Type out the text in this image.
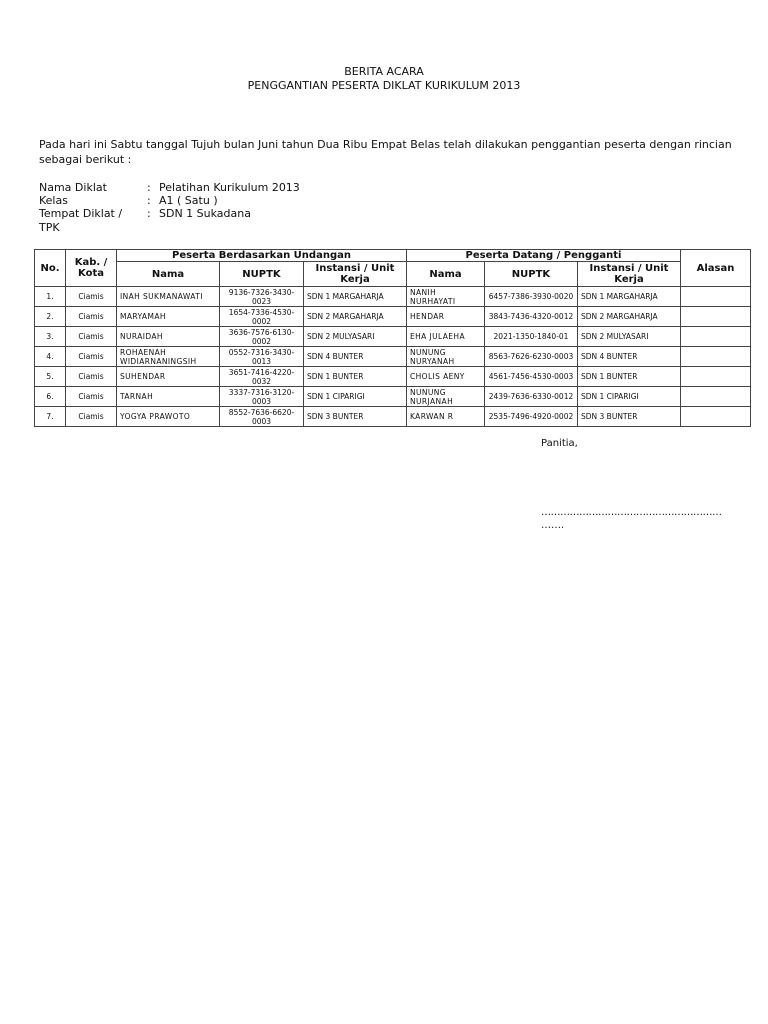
BERITA ACARA
PENGGANTIAN PESERTA DIKLAT KURIKULUM 2013
Pada hari ini Sabtu tanggal Tujuh bulan Juni tahun Dua Ribu Empat Belas telah dilakukan penggantian peserta dengan rincian sebagai berikut :
Nama Diklat	: Pelatihan Kurikulum 2013
Kelas	: A1 ( Satu )
Tempat Diklat / : SDN 1 Sukadana
TPK
No.	Kab. / Kota	Peserta Berdasarkan Undangan			Peserta Datang / Pengganti			Alasan
		Nama	NUPTK	Instansi / Unit Kerja	Nama	NUPTK	Instansi / Unit Kerja	
1.	Ciamis	INAH SUKMANAWATI	9136-7326-3430-0023	SDN 1 MARGAHARJA	NANIH NURHAYATI	6457-7386-3930-0020	SDN 1 MARGAHARJA	
2.	Ciamis	MARYAMAH	1654-7336-4530-0002	SDN 2 MARGAHARJA	HENDAR	3843-7436-4320-0012	SDN 2 MARGAHARJA	
3.	Ciamis	NURAIDAH	3636-7576-6130-0002	SDN 2 MULYASARI	EHA JULAEHA	2021-1350-1840-01	SDN 2 MULYASARI	
4.	Ciamis	ROHAENAH WIDIARNANINGSIH	0552-7316-3430-0013	SDN 4 BUNTER	NUNUNG NURYANAH	8563-7626-6230-0003	SDN 4 BUNTER	
5.	Ciamis	SUHENDAR	3651-7416-4220-0032	SDN 1 BUNTER	CHOLIS AENY	4561-7456-4530-0003	SDN 1 BUNTER	
6.	Ciamis	TARNAH	3337-7316-3120-0003	SDN 1 CIPARIGI	NUNUNG NURJANAH	2439-7636-6330-0012	SDN 1 CIPARIGI	
7.	Ciamis	YOGYA PRAWOTO	8552-7636-6620-0003	SDN 3 BUNTER	KARWAN R	2535-7496-4920-0002	SDN 3 BUNTER	
Panitia,
…………………………………………………
…….
